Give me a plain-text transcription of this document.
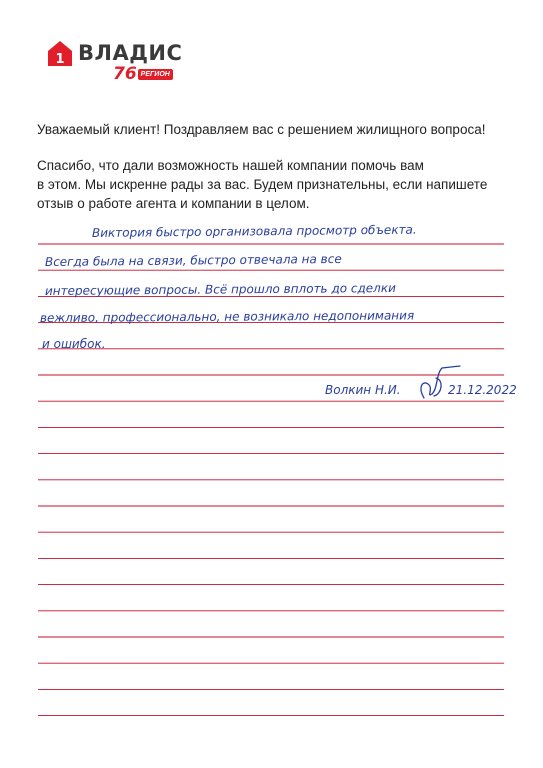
1 ВЛАДИС
76 РЕГИОН

Уважаемый клиент! Поздравляем вас с решением жилищного вопроса!

Спасибо, что дали возможность нашей компании помочь вам

в этом. Мы искренне рады за вас. Будем признательны, если напишете

отзыв о работе агента и компании в целом.

Виктория быстро организовала просмотр объекта.
Всегда была на связи, быстро отвечала на все
интересующие вопросы. Всё прошло вплоть до сделки
вежливо, профессионально, не возникало недопонимания
и ошибок.
Волкин Н.И.	21.12.2022
